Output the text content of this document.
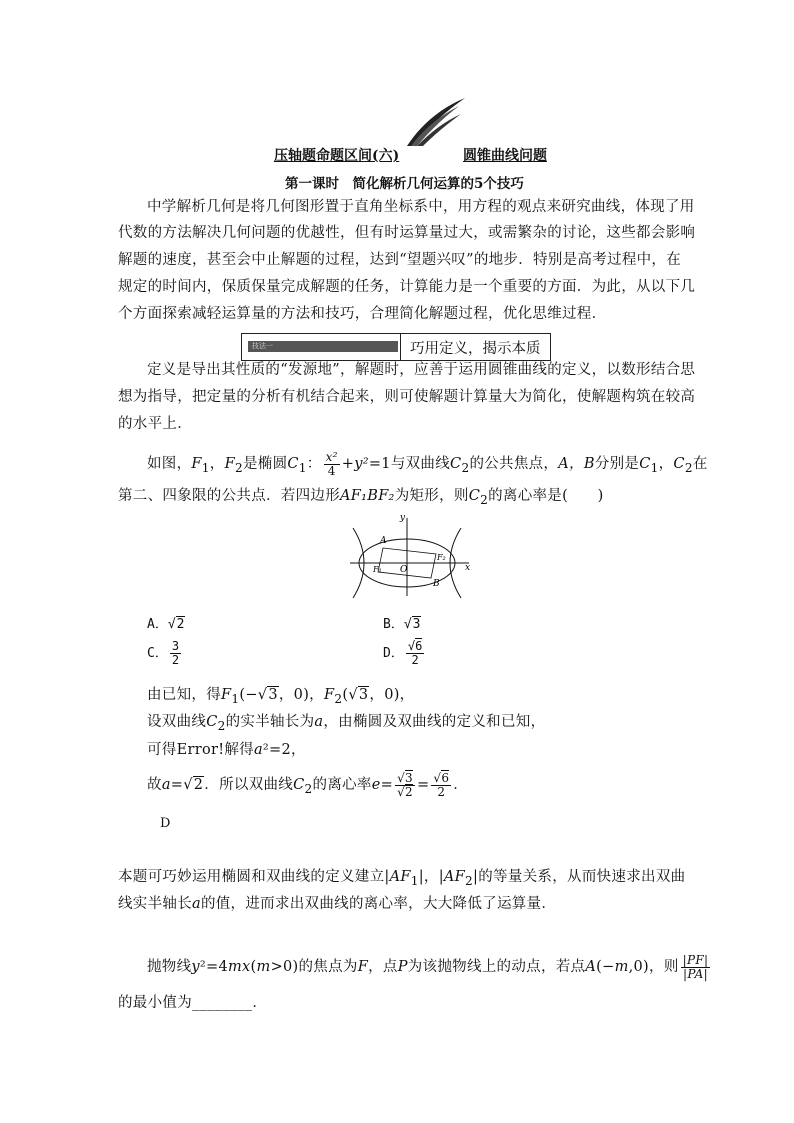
压轴题命题区间(六)	圆锥曲线问题
第一课时　简化解析几何运算的5个技巧
中学解析几何是将几何图形置于直角坐标系中，用方程的观点来研究曲线，体现了用
代数的方法解决几何问题的优越性，但有时运算量过大，或需繁杂的讨论，这些都会影响
解题的速度，甚至会中止解题的过程，达到“望题兴叹”的地步．特别是高考过程中，在
规定的时间内，保质保量完成解题的任务，计算能力是一个重要的方面．为此，从以下几
个方面探索减轻运算量的方法和技巧，合理简化解题过程，优化思维过程．
技法一	巧用定义，揭示本质
定义是导出其性质的“发源地”，解题时，应善于运用圆锥曲线的定义，以数形结合思
想为指导，把定量的分析有机结合起来，则可使解题计算量大为简化，使解题构筑在较高
的水平上．
如图，$F_1$，$F_2$是椭圆$C_1$： $\frac{\text{x²}}{4} +y^2=1$与双曲线$C_2$的公共焦点，A，B分别是$C_1$，$C_2$在
第二、四象限的公共点．若四边形AF₁BF₂为矩形，则$C_2$的离心率是(　　)
y
x
A
B
O
F₁
F₂
A．√2	B．√3
C． $\frac{3}{2}$	D． $\frac{√6}{2}$
由已知，得$F_1(-√3$，0)，$F_2(√3$，0)，
设双曲线$C_2$的实半轴长为a，由椭圆及双曲线的定义和已知，
可得Error!解得a²=2，
故a=√2．所以双曲线$C_2$的离心率$e= \frac{√3}{√2} = \frac{√6}{2}$ ．
D
本题可巧妙运用椭圆和双曲线的定义建立$|AF_1|$，$|AF_2|$的等量关系，从而快速求出双曲
线实半轴长a的值，进而求出双曲线的离心率，大大降低了运算量．
抛物线y²=4mx(m>0)的焦点为F，点P为该抛物线上的动点，若点A(−m,0)，则 $\frac{|PF|}{|PA|}$
的最小值为________．
